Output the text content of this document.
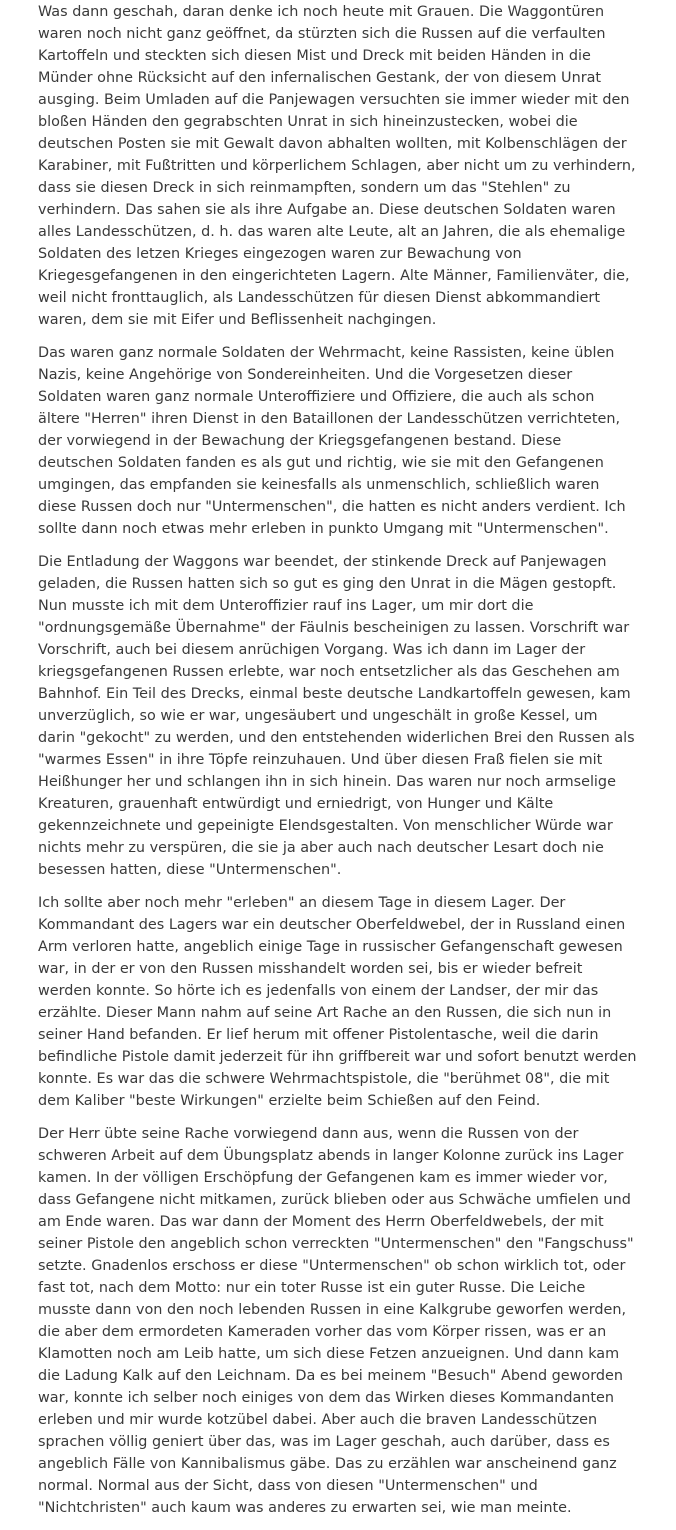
Was dann geschah, daran denke ich noch heute mit Grauen. Die Waggontüren waren noch nicht ganz geöffnet, da stürzten sich die Russen auf die verfaulten Kartoffeln und steckten sich diesen Mist und Dreck mit beiden Händen in die Münder ohne Rücksicht auf den infernalischen Gestank, der von diesem Unrat ausging. Beim Umladen auf die Panjewagen versuchten sie immer wieder mit den bloßen Händen den gegrabschten Unrat in sich hineinzustecken, wobei die deutschen Posten sie mit Gewalt davon abhalten wollten, mit Kolbenschlägen der Karabiner, mit Fußtritten und körperlichem Schlagen, aber nicht um zu verhindern, dass sie diesen Dreck in sich reinmampften, sondern um das "Stehlen" zu verhindern. Das sahen sie als ihre Aufgabe an. Diese deutschen Soldaten waren alles Landesschützen, d. h. das waren alte Leute, alt an Jahren, die als ehemalige Soldaten des letzen Krieges eingezogen waren zur Bewachung von Kriegesgefangenen in den eingerichteten Lagern. Alte Männer, Familienväter, die, weil nicht fronttauglich, als Landesschützen für diesen Dienst abkommandiert waren, dem sie mit Eifer und Beflissenheit nachgingen.

Das waren ganz normale Soldaten der Wehrmacht, keine Rassisten, keine üblen Nazis, keine Angehörige von Sondereinheiten. Und die Vorgesetzen dieser Soldaten waren ganz normale Unteroffiziere und Offiziere, die auch als schon ältere "Herren" ihren Dienst in den Bataillonen der Landesschützen verrichteten, der vorwiegend in der Bewachung der Kriegsgefangenen bestand. Diese deutschen Soldaten fanden es als gut und richtig, wie sie mit den Gefangenen umgingen, das empfanden sie keinesfalls als unmenschlich, schließlich waren diese Russen doch nur "Untermenschen", die hatten es nicht anders verdient. Ich sollte dann noch etwas mehr erleben in punkto Umgang mit "Untermenschen".

Die Entladung der Waggons war beendet, der stinkende Dreck auf Panjewagen geladen, die Russen hatten sich so gut es ging den Unrat in die Mägen gestopft. Nun musste ich mit dem Unteroffizier rauf ins Lager, um mir dort die "ordnungsgemäße Übernahme" der Fäulnis bescheinigen zu lassen. Vorschrift war Vorschrift, auch bei diesem anrüchigen Vorgang. Was ich dann im Lager der kriegsgefangenen Russen erlebte, war noch entsetzlicher als das Geschehen am Bahnhof. Ein Teil des Drecks, einmal beste deutsche Landkartoffeln gewesen, kam unverzüglich, so wie er war, ungesäubert und ungeschält in große Kessel, um darin "gekocht" zu werden, und den entstehenden widerlichen Brei den Russen als "warmes Essen" in ihre Töpfe reinzuhauen. Und über diesen Fraß fielen sie mit Heißhunger her und schlangen ihn in sich hinein. Das waren nur noch armselige Kreaturen, grauenhaft entwürdigt und erniedrigt, von Hunger und Kälte gekennzeichnete und gepeinigte Elendsgestalten. Von menschlicher Würde war nichts mehr zu verspüren, die sie ja aber auch nach deutscher Lesart doch nie besessen hatten, diese "Untermenschen".

Ich sollte aber noch mehr "erleben" an diesem Tage in diesem Lager. Der Kommandant des Lagers war ein deutscher Oberfeldwebel, der in Russland einen Arm verloren hatte, angeblich einige Tage in russischer Gefangenschaft gewesen war, in der er von den Russen misshandelt worden sei, bis er wieder befreit werden konnte. So hörte ich es jedenfalls von einem der Landser, der mir das erzählte. Dieser Mann nahm auf seine Art Rache an den Russen, die sich nun in seiner Hand befanden. Er lief herum mit offener Pistolentasche, weil die darin befindliche Pistole damit jederzeit für ihn griffbereit war und sofort benutzt werden konnte. Es war das die schwere Wehrmachtspistole, die "berühmet 08", die mit dem Kaliber "beste Wirkungen" erzielte beim Schießen auf den Feind.

Der Herr übte seine Rache vorwiegend dann aus, wenn die Russen von der schweren Arbeit auf dem Übungsplatz abends in langer Kolonne zurück ins Lager kamen. In der völligen Erschöpfung der Gefangenen kam es immer wieder vor, dass Gefangene nicht mitkamen, zurück blieben oder aus Schwäche umfielen und am Ende waren. Das war dann der Moment des Herrn Oberfeldwebels, der mit seiner Pistole den angeblich schon verreckten "Untermenschen" den "Fangschuss" setzte. Gnadenlos erschoss er diese "Untermenschen" ob schon wirklich tot, oder fast tot, nach dem Motto: nur ein toter Russe ist ein guter Russe. Die Leiche musste dann von den noch lebenden Russen in eine Kalkgrube geworfen werden, die aber dem ermordeten Kameraden vorher das vom Körper rissen, was er an Klamotten noch am Leib hatte, um sich diese Fetzen anzueignen. Und dann kam die Ladung Kalk auf den Leichnam. Da es bei meinem "Besuch" Abend geworden war, konnte ich selber noch einiges von dem das Wirken dieses Kommandanten erleben und mir wurde kotzübel dabei. Aber auch die braven Landesschützen sprachen völlig geniert über das, was im Lager geschah, auch darüber, dass es angeblich Fälle von Kannibalismus gäbe. Das zu erzählen war anscheinend ganz normal. Normal aus der Sicht, dass von diesen "Untermenschen" und "Nichtchristen" auch kaum was anderes zu erwarten sei, wie man meinte.
